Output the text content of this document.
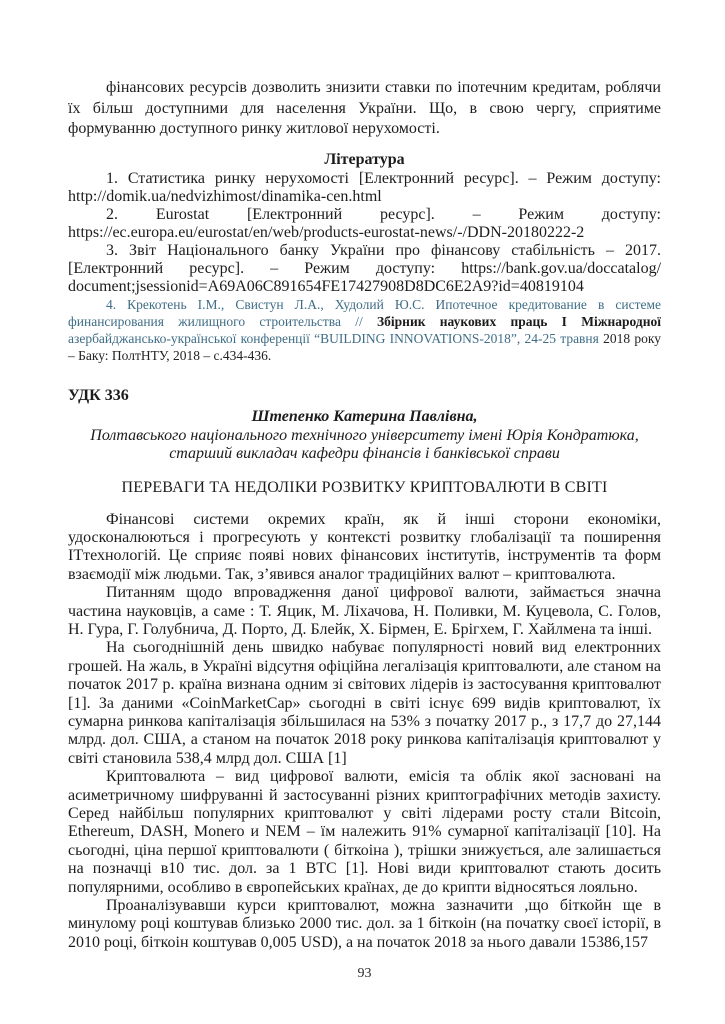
фінансових ресурсів дозволить знизити ставки по іпотечним кредитам, роблячи їх більш доступними для населення України. Що, в свою чергу, сприятиме формуванню доступного ринку житлової нерухомості.

Література

1. Статистика ринку нерухомості [Електронний ресурс]. – Режим доступу: http://domik.ua/nedvizhimost/dinamika-cen.html

2. Eurostat [Електронний ресурс]. – Режим доступу: https://ec.europa.eu/eurostat/en/web/products-eurostat-news/-/DDN-20180222-2

3. Звіт Національного банку України про фінансову стабільність – 2017. [Електронний ресурс]. – Режим доступу: https://bank.gov.ua/doccatalog/ document;jsessionid=A69A06C891654FE17427908D8DC6E2A9?id=40819104

4. Крекотень І.М., Свистун Л.А., Худолий Ю.С. Ипотечное кредитование в системе финансирования жилищного строительства // Збірник наукових праць І Міжнародної азербайджансько-української конференції “BUILDING INNOVATIONS-2018”, 24-25 травня 2018 року – Баку: ПолтНТУ, 2018 – с.434-436.

УДК 336

Штепенко Катерина Павлівна,

Полтавського національного технічного університету імені Юрія Кондратюка,

старший викладач кафедри фінансів і банківської справи

ПЕРЕВАГИ ТА НЕДОЛІКИ РОЗВИТКУ КРИПТОВАЛЮТИ В СВІТІ

Фінансові системи окремих країн, як й інші сторони економіки, удосконалюються і прогресують у контексті розвитку глобалізації та поширення ІТтехнологій. Це сприяє появі нових фінансових інститутів, інструментів та форм взаємодії між людьми. Так, з’явився аналог традиційних валют – криптовалюта.

Питанням щодо впровадження даної цифрової валюти, займається значна частина науковців, а саме : Т. Яцик, М. Ліхачова, Н. Поливки, М. Куцевола, С. Голов, Н. Гура, Г. Голубнича, Д. Порто, Д. Блейк, Х. Бірмен, Е. Брігхем, Г. Хайлмена та інші.

На сьогоднішній день швидко набуває популярності новий вид електронних грошей. На жаль, в Україні відсутня офіційна легалізація криптовалюти, але станом на початок 2017 р. країна визнана одним зі світових лідерів із застосування криптовалют [1]. За даними «CoinMarketCap» сьогодні в світі існує 699 видів криптовалют, їх сумарна ринкова капіталізація збільшилася на 53% з початку 2017 р., з 17,7 до 27,144 млрд. дол. США, а станом на початок 2018 року ринкова капіталізація криптовалют у світі становила 538,4 млрд дол. США [1]

Криптовалюта – вид цифрової валюти, емісія та облік якої засновані на асиметричному шифруванні й застосуванні різних криптографічних методів захисту. Серед найбільш популярних криптовалют у світі лідерами росту стали Bitcoin, Ethereum, DASH, Monero и NEM – їм належить 91% сумарної капіталізації [10]. На сьогодні, ціна першої криптовалюти ( біткоіна ), трішки знижується, але залишається на позначці в10 тис. дол. за 1 BTC [1]. Нові види криптовалют стають досить популярними, особливо в європейських країнах, де до крипти відносяться лояльно.

Проаналізувавши курси криптовалют, можна зазначити ,що біткойн ще в минулому році коштував близько 2000 тис. дол. за 1 біткоін (на початку своєї історії, в 2010 році, біткоін коштував 0,005 USD), а на початок 2018 за нього давали 15386,157

93
